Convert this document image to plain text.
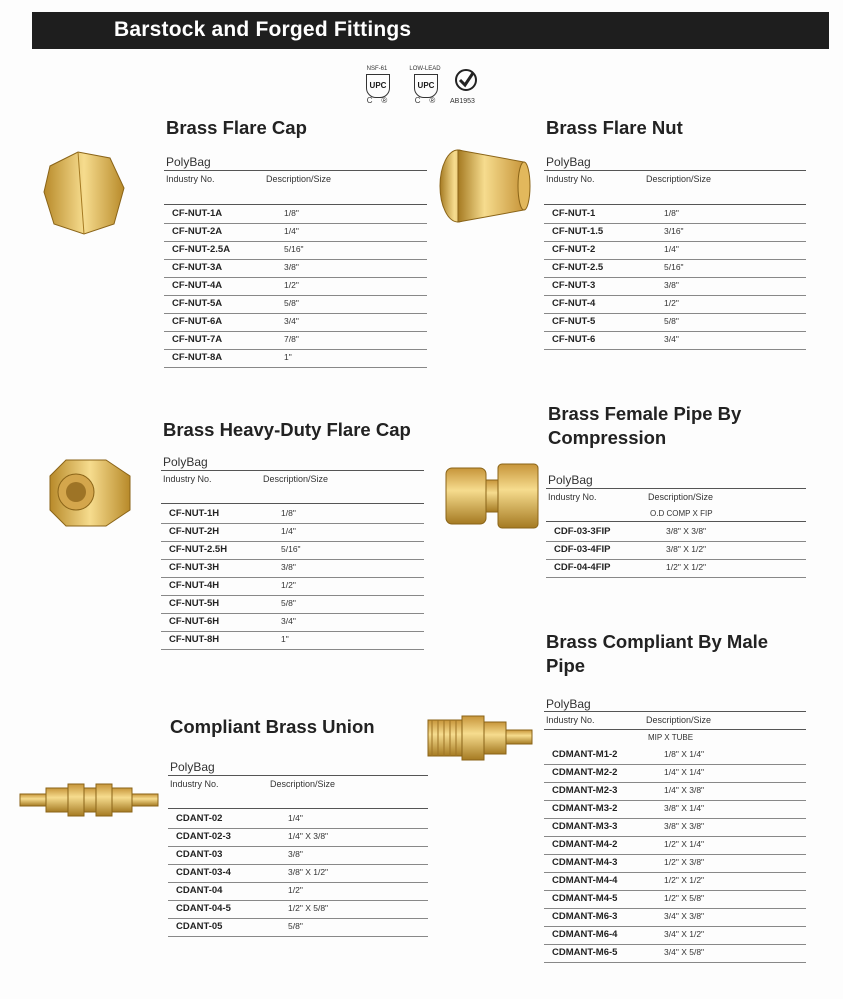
Barstock and Forged Fittings
NSF-61
UPC
C    ®
LOW-LEAD
UPC
C    ®	AB1953
Brass Flare Cap
PolyBag
Industry No.	Description/Size
CF-NUT-1A	1/8"
CF-NUT-2A	1/4"
CF-NUT-2.5A	5/16"
CF-NUT-3A	3/8"
CF-NUT-4A	1/2"
CF-NUT-5A	5/8"
CF-NUT-6A	3/4"
CF-NUT-7A	7/8"
CF-NUT-8A	1"
Brass Flare Nut
PolyBag
Industry No.	Description/Size
CF-NUT-1	1/8"
CF-NUT-1.5	3/16"
CF-NUT-2	1/4"
CF-NUT-2.5	5/16"
CF-NUT-3	3/8"
CF-NUT-4	1/2"
CF-NUT-5	5/8"
CF-NUT-6	3/4"
Brass Heavy-Duty Flare Cap
PolyBag
Industry No.	Description/Size
CF-NUT-1H	1/8"
CF-NUT-2H	1/4"
CF-NUT-2.5H	5/16"
CF-NUT-3H	3/8"
CF-NUT-4H	1/2"
CF-NUT-5H	5/8"
CF-NUT-6H	3/4"
CF-NUT-8H	1"
Brass Female Pipe By
Compression
PolyBag
Industry No.	Description/Size
O.D COMP X FIP
CDF-03-3FIP	3/8" X 3/8"
CDF-03-4FIP	3/8" X 1/2"
CDF-04-4FIP	1/2" X 1/2"
Compliant Brass Union
PolyBag
Industry No.	Description/Size
CDANT-02	1/4"
CDANT-02-3	1/4" X 3/8"
CDANT-03	3/8"
CDANT-03-4	3/8" X 1/2"
CDANT-04	1/2"
CDANT-04-5	1/2" X 5/8"
CDANT-05	5/8"
Brass Compliant By Male
Pipe
PolyBag
Industry No.	Description/Size
MIP X TUBE
CDMANT-M1-2	1/8" X 1/4"
CDMANT-M2-2	1/4" X 1/4"
CDMANT-M2-3	1/4" X 3/8"
CDMANT-M3-2	3/8" X 1/4"
CDMANT-M3-3	3/8" X 3/8"
CDMANT-M4-2	1/2" X 1/4"
CDMANT-M4-3	1/2" X 3/8"
CDMANT-M4-4	1/2" X 1/2"
CDMANT-M4-5	1/2" X 5/8"
CDMANT-M6-3	3/4" X 3/8"
CDMANT-M6-4	3/4" X 1/2"
CDMANT-M6-5	3/4" X 5/8"
